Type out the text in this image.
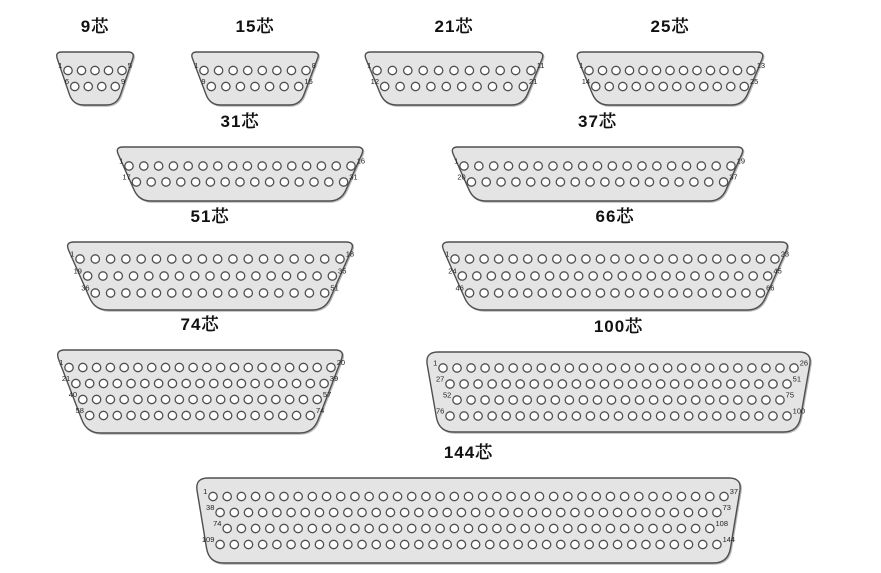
9芯
1	5
6	9
15芯
1	8
9	15
21芯
1	11
12	21
25芯
1	13
14	25
31芯
1	16
17	31
37芯
1	19
20	37
51芯
1	18
19	35
36	51
66芯
1	23
24	45
46	66
74芯
1	20
21	39
40	57
58	74
100芯
1	26
27	51
52	75
76	100
144芯
1	37
38	73
74	108
109	144
